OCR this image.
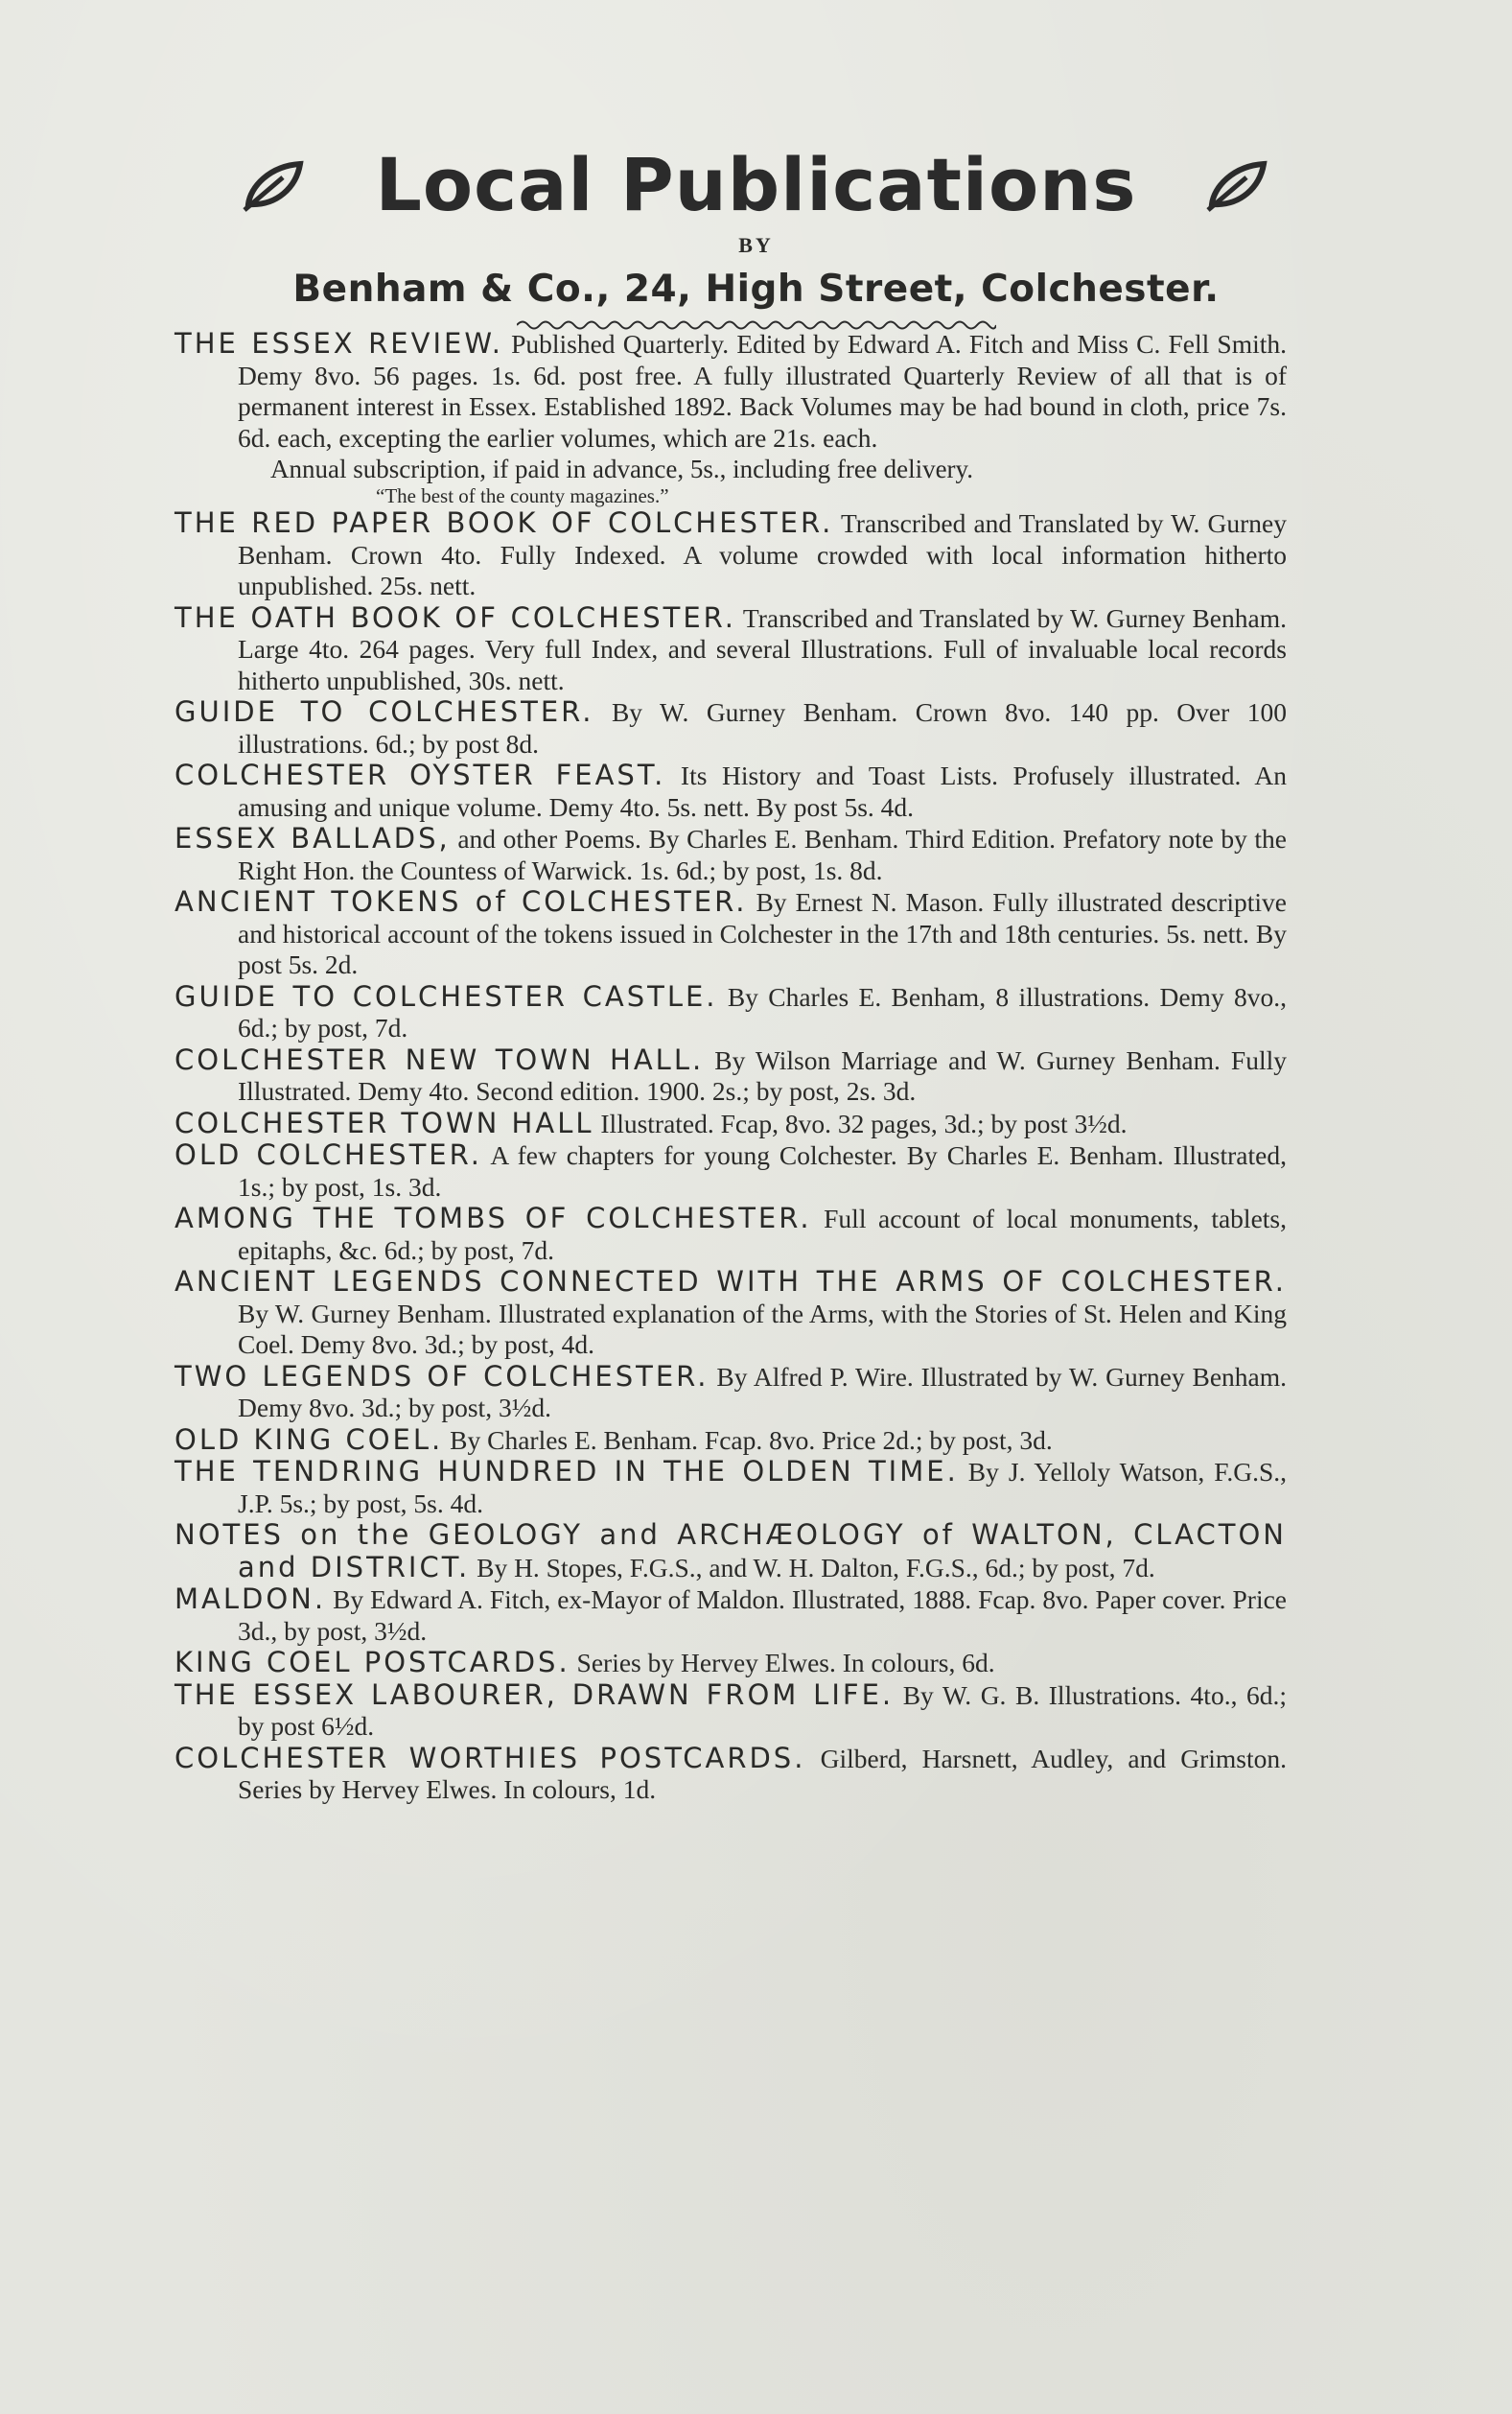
Local Publications
BY
Benham & Co., 24, High Street, Colchester.
THE ESSEX REVIEW. Published Quarterly. Edited by Edward A. Fitch and Miss C. Fell Smith. Demy 8vo. 56 pages. 1s. 6d. post free. A fully illustrated Quarterly Review of all that is of permanent interest in Essex. Established 1892. Back Volumes may be had bound in cloth, price 7s. 6d. each, excepting the earlier volumes, which are 21s. each.
Annual subscription, if paid in advance, 5s., including free delivery.
“The best of the county magazines.”
THE RED PAPER BOOK OF COLCHESTER. Transcribed and Translated by W. Gurney Benham. Crown 4to. Fully Indexed. A volume crowded with local information hitherto unpublished. 25s. nett.
THE OATH BOOK OF COLCHESTER. Transcribed and Translated by W. Gurney Benham. Large 4to. 264 pages. Very full Index, and several Illustrations. Full of invaluable local records hitherto unpublished, 30s. nett.
GUIDE TO COLCHESTER. By W. Gurney Benham. Crown 8vo. 140 pp. Over 100 illustrations. 6d.; by post 8d.
COLCHESTER OYSTER FEAST. Its History and Toast Lists. Profusely illustrated. An amusing and unique volume. Demy 4to. 5s. nett. By post 5s. 4d.
ESSEX BALLADS, and other Poems. By Charles E. Benham. Third Edition. Prefatory note by the Right Hon. the Countess of Warwick. 1s. 6d.; by post, 1s. 8d.
ANCIENT TOKENS of COLCHESTER. By Ernest N. Mason. Fully illustrated descriptive and historical account of the tokens issued in Colchester in the 17th and 18th centuries. 5s. nett. By post 5s. 2d.
GUIDE TO COLCHESTER CASTLE. By Charles E. Benham, 8 illustrations. Demy 8vo., 6d.; by post, 7d.
COLCHESTER NEW TOWN HALL. By Wilson Marriage and W. Gurney Benham. Fully Illustrated. Demy 4to. Second edition. 1900. 2s.; by post, 2s. 3d.
COLCHESTER TOWN HALL Illustrated. Fcap, 8vo. 32 pages, 3d.; by post 3½d.
OLD COLCHESTER. A few chapters for young Colchester. By Charles E. Benham. Illustrated, 1s.; by post, 1s. 3d.
AMONG THE TOMBS OF COLCHESTER. Full account of local monuments, tablets, epitaphs, &c. 6d.; by post, 7d.
ANCIENT LEGENDS CONNECTED WITH THE ARMS OF COLCHESTER. By W. Gurney Benham. Illustrated explanation of the Arms, with the Stories of St. Helen and King Coel. Demy 8vo. 3d.; by post, 4d.
TWO LEGENDS OF COLCHESTER. By Alfred P. Wire. Illustrated by W. Gurney Benham. Demy 8vo. 3d.; by post, 3½d.
OLD KING COEL. By Charles E. Benham. Fcap. 8vo. Price 2d.; by post, 3d.
THE TENDRING HUNDRED IN THE OLDEN TIME. By J. Yelloly Watson, F.G.S., J.P. 5s.; by post, 5s. 4d.
NOTES on the GEOLOGY and ARCHÆOLOGY of WALTON, CLACTON and DISTRICT. By H. Stopes, F.G.S., and W. H. Dalton, F.G.S., 6d.; by post, 7d.
MALDON. By Edward A. Fitch, ex-Mayor of Maldon. Illustrated, 1888. Fcap. 8vo. Paper cover. Price 3d., by post, 3½d.
KING COEL POSTCARDS. Series by Hervey Elwes. In colours, 6d.
THE ESSEX LABOURER, DRAWN FROM LIFE. By W. G. B. Illustrations. 4to., 6d.; by post 6½d.
COLCHESTER WORTHIES POSTCARDS. Gilberd, Harsnett, Audley, and Grimston. Series by Hervey Elwes. In colours, 1d.
